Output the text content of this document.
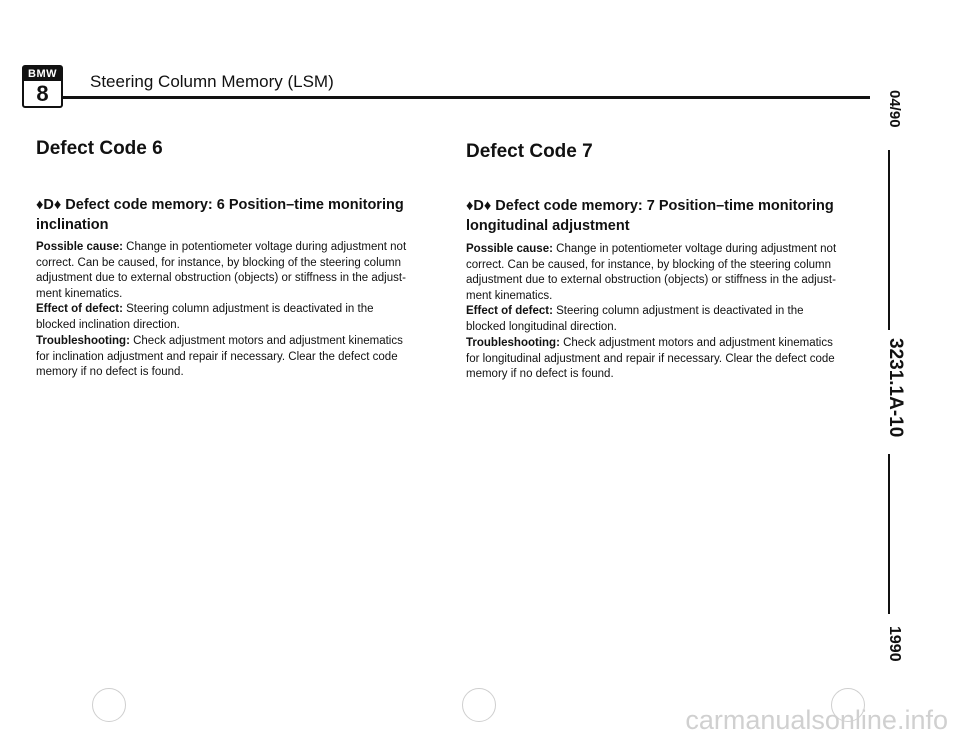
BMW
8	Steering Column Memory (LSM)
04/90
3231.1A-10
1990
Defect Code 6
♦D♦ Defect code memory: 6 Position–time monitoring inclination
Possible cause: Change in potentiometer voltage during adjustment not correct. Can be caused, for instance, by blocking of the steering column adjustment due to external obstruction (objects) or stiffness in the adjust-ment kinematics.
Effect of defect: Steering column adjustment is deactivated in the blocked inclination direction.
Troubleshooting: Check adjustment motors and adjustment kinematics for inclination adjustment and repair if necessary. Clear the defect code memory if no defect is found.
Defect Code 7
♦D♦ Defect code memory: 7 Position–time monitoring longitudinal adjustment
Possible cause: Change in potentiometer voltage during adjustment not correct. Can be caused, for instance, by blocking of the steering column adjustment due to external obstruction (objects) or stiffness in the adjust-ment kinematics.
Effect of defect: Steering column adjustment is deactivated in the blocked longitudinal direction.
Troubleshooting: Check adjustment motors and adjustment kinematics for longitudinal adjustment and repair if necessary. Clear the defect code memory if no defect is found.
carmanualsonline.info
